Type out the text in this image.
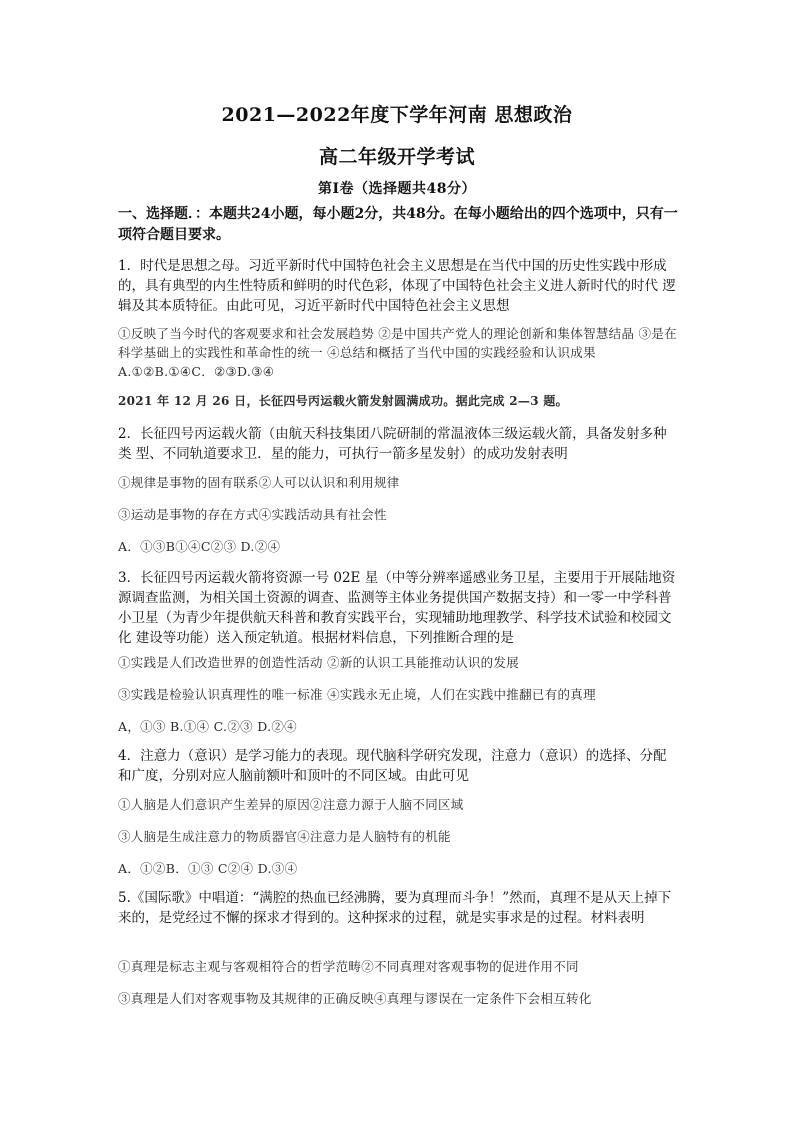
2021—2022年度下学年河南 思想政治
高二年级开学考试
第Ⅰ卷（选择题共48分）
一、选择题．：本题共24小题，每小题2分，共48分。在每小题给出的四个选项中，只有一项符合题目要求。
1．时代是思想之母。习近平新时代中国特色社会主义思想是在当代中国的历史性实践中形成 的，具有典型的内生性特质和鲜明的时代色彩，体现了中国特色社会主义进人新时代的时代 逻辑及其本质特征。由此可见，习近平新时代中国特色社会主义思想
①反映了当今时代的客观要求和社会发展趋势 ②是中国共产党人的理论创新和集体智慧结晶 ③是在科学基础上的实践性和革命性的统一 ④总结和概括了当代中国的实践经验和认识成果 A.①②B.①④C．②③D.③④
2021 年 12 月 26 日，长征四号丙运载火箭发射圆满成功。据此完成 2—3 题。
2．长征四号丙运载火箭（由航天科技集团八院研制的常温液体三级运载火箭，具备发射多种类 型、不同轨道要求卫．星的能力，可执行一箭多星发射）的成功发射表明
①规律是事物的固有联系②人可以认识和利用规律
③运动是事物的存在方式④实践活动具有社会性
A．①③B①④C②③ D.②④
3．长征四号丙运载火箭将资源一号 02E 星（中等分辨率遥感业务卫星，主要用于开展陆地资源调查监测，为相关国土资源的调查、监测等主体业务提供国产数据支持）和一零一中学科普小卫星（为青少年提供航天科普和教育实践平台，实现辅助地理教学、科学技术试验和校园文化 建设等功能）送入预定轨道。根据材料信息，下列推断合理的是
①实践是人们改造世界的创造性活动 ②新的认识工具能推动认识的发展
③实践是检验认识真理性的唯一标准 ④实践永无止境，人们在实践中推翻已有的真理
A，①③ B.①④ C.②③ D.②④
4．注意力（意识）是学习能力的表现。现代脑科学研究发现，注意力（意识）的选择、分配和广度，分别对应人脑前额叶和顶叶的不同区域。由此可见
①人脑是人们意识产生差异的原因②注意力源于人脑不同区域
③人脑是生成注意力的物质器官④注意力是人脑特有的机能
A．①②B．①③ C②④ D.③④
5.《国际歌》中唱道：“满腔的热血已经沸腾，要为真理而斗争！”然而，真理不是从天上掉下来的，是党经过不懈的探求才得到的。这种探求的过程，就是实事求是的过程。材料表明
①真理是标志主观与客观相符合的哲学范畴②不同真理对客观事物的促进作用不同
③真理是人们对客观事物及其规律的正确反映④真理与谬误在一定条件下会相互转化
